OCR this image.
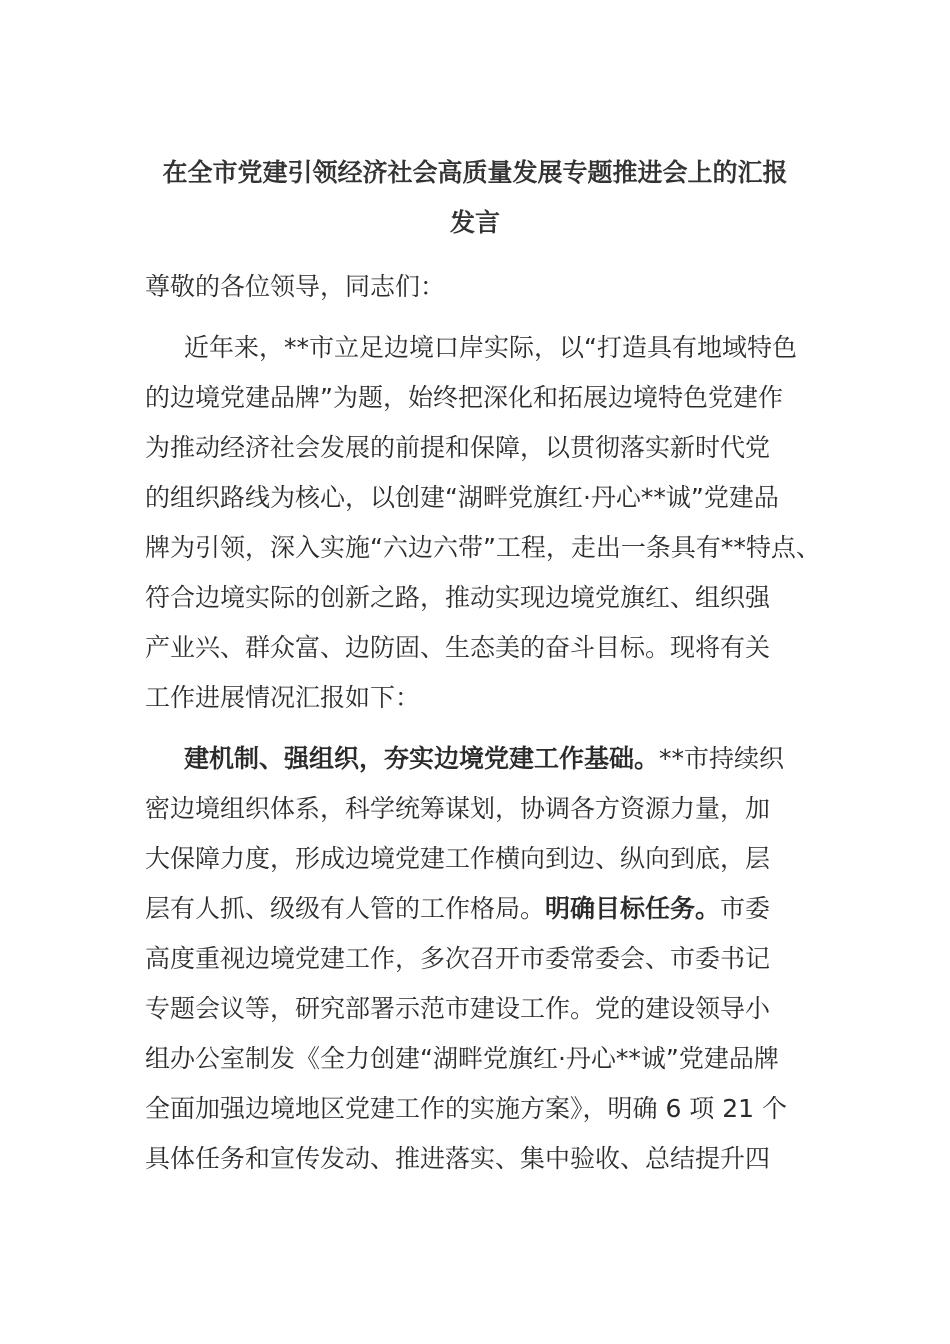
在全市党建引领经济社会高质量发展专题推进会上的汇报
发言
尊敬的各位领导，同志们：
近年来，**市立足边境口岸实际，以“打造具有地域特色
的边境党建品牌”为题，始终把深化和拓展边境特色党建作
为推动经济社会发展的前提和保障，以贯彻落实新时代党
的组织路线为核心，以创建“湖畔党旗红·丹心**诚”党建品
牌为引领，深入实施“六边六带”工程，走出一条具有**特点、
符合边境实际的创新之路，推动实现边境党旗红、组织强
产业兴、群众富、边防固、生态美的奋斗目标。现将有关
工作进展情况汇报如下：
建机制、强组织，夯实边境党建工作基础。**市持续织
密边境组织体系，科学统筹谋划，协调各方资源力量，加
大保障力度，形成边境党建工作横向到边、纵向到底，层
层有人抓、级级有人管的工作格局。明确目标任务。市委
高度重视边境党建工作，多次召开市委常委会、市委书记
专题会议等，研究部署示范市建设工作。党的建设领导小
组办公室制发《全力创建“湖畔党旗红·丹心**诚”党建品牌
全面加强边境地区党建工作的实施方案》，明确 6 项 21 个
具体任务和宣传发动、推进落实、集中验收、总结提升四
